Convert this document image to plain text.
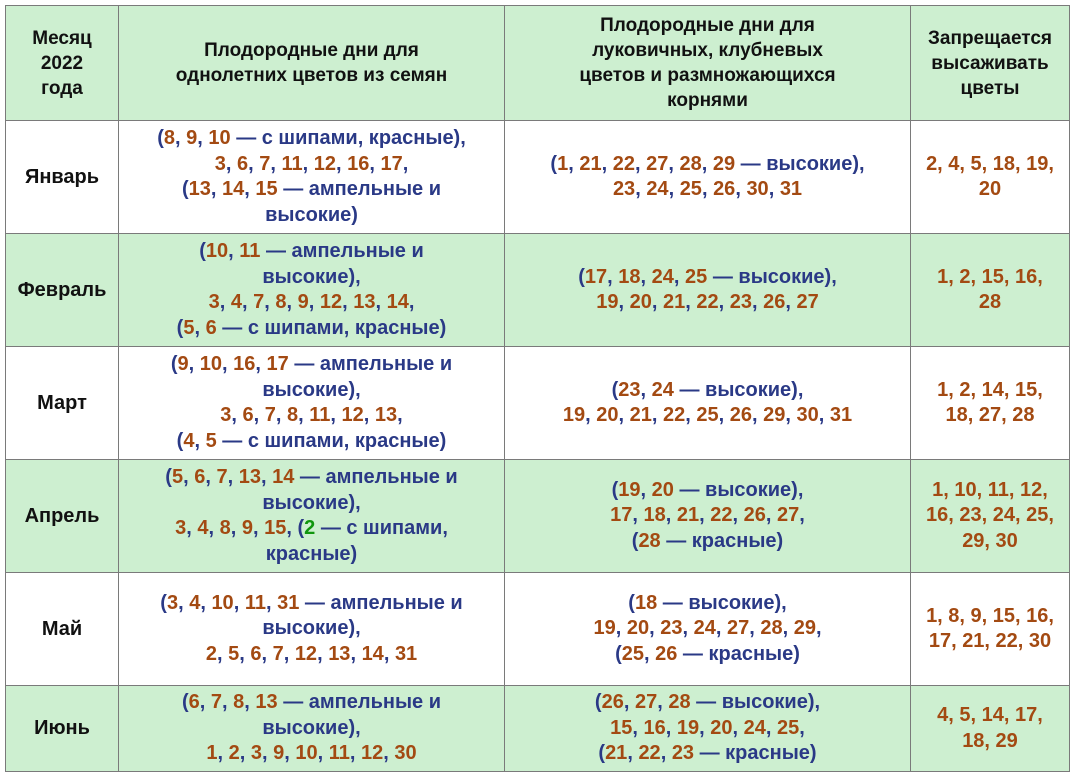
Месяц
2022
года	Плодородные дни для
однолетних цветов из семян	Плодородные дни для
луковичных, клубневых
цветов и размножающихся
корнями	Запрещается
высаживать
цветы

Январь	(8, 9, 10 — с шипами, красные),
3, 6, 7, 11, 12, 16, 17,
(13, 14, 15 — ампельные и
высокие)	(1, 21, 22, 27, 28, 29 — высокие),
23, 24, 25, 26, 30, 31	2, 4, 5, 18, 19,
20

Февраль	(10, 11 — ампельные и
высокие),
3, 4, 7, 8, 9, 12, 13, 14,
(5, 6 — с шипами, красные)	(17, 18, 24, 25 — высокие),
19, 20, 21, 22, 23, 26, 27	1, 2, 15, 16,
28

Март	(9, 10, 16, 17 — ампельные и
высокие),
3, 6, 7, 8, 11, 12, 13,
(4, 5 — с шипами, красные)	(23, 24 — высокие),
19, 20, 21, 22, 25, 26, 29, 30, 31	1, 2, 14, 15,
18, 27, 28

Апрель	(5, 6, 7, 13, 14 — ампельные и
высокие),
3, 4, 8, 9, 15, (2 — с шипами,
красные)	(19, 20 — высокие),
17, 18, 21, 22, 26, 27,
(28 — красные)	1, 10, 11, 12,
16, 23, 24, 25,
29, 30

Май	(3, 4, 10, 11, 31 — ампельные и
высокие),
2, 5, 6, 7, 12, 13, 14, 31	(18 — высокие),
19, 20, 23, 24, 27, 28, 29,
(25, 26 — красные)	1, 8, 9, 15, 16,
17, 21, 22, 30

Июнь	(6, 7, 8, 13 — ампельные и
высокие),
1, 2, 3, 9, 10, 11, 12, 30	(26, 27, 28 — высокие),
15, 16, 19, 20, 24, 25,
(21, 22, 23 — красные)	4, 5, 14, 17,
18, 29
